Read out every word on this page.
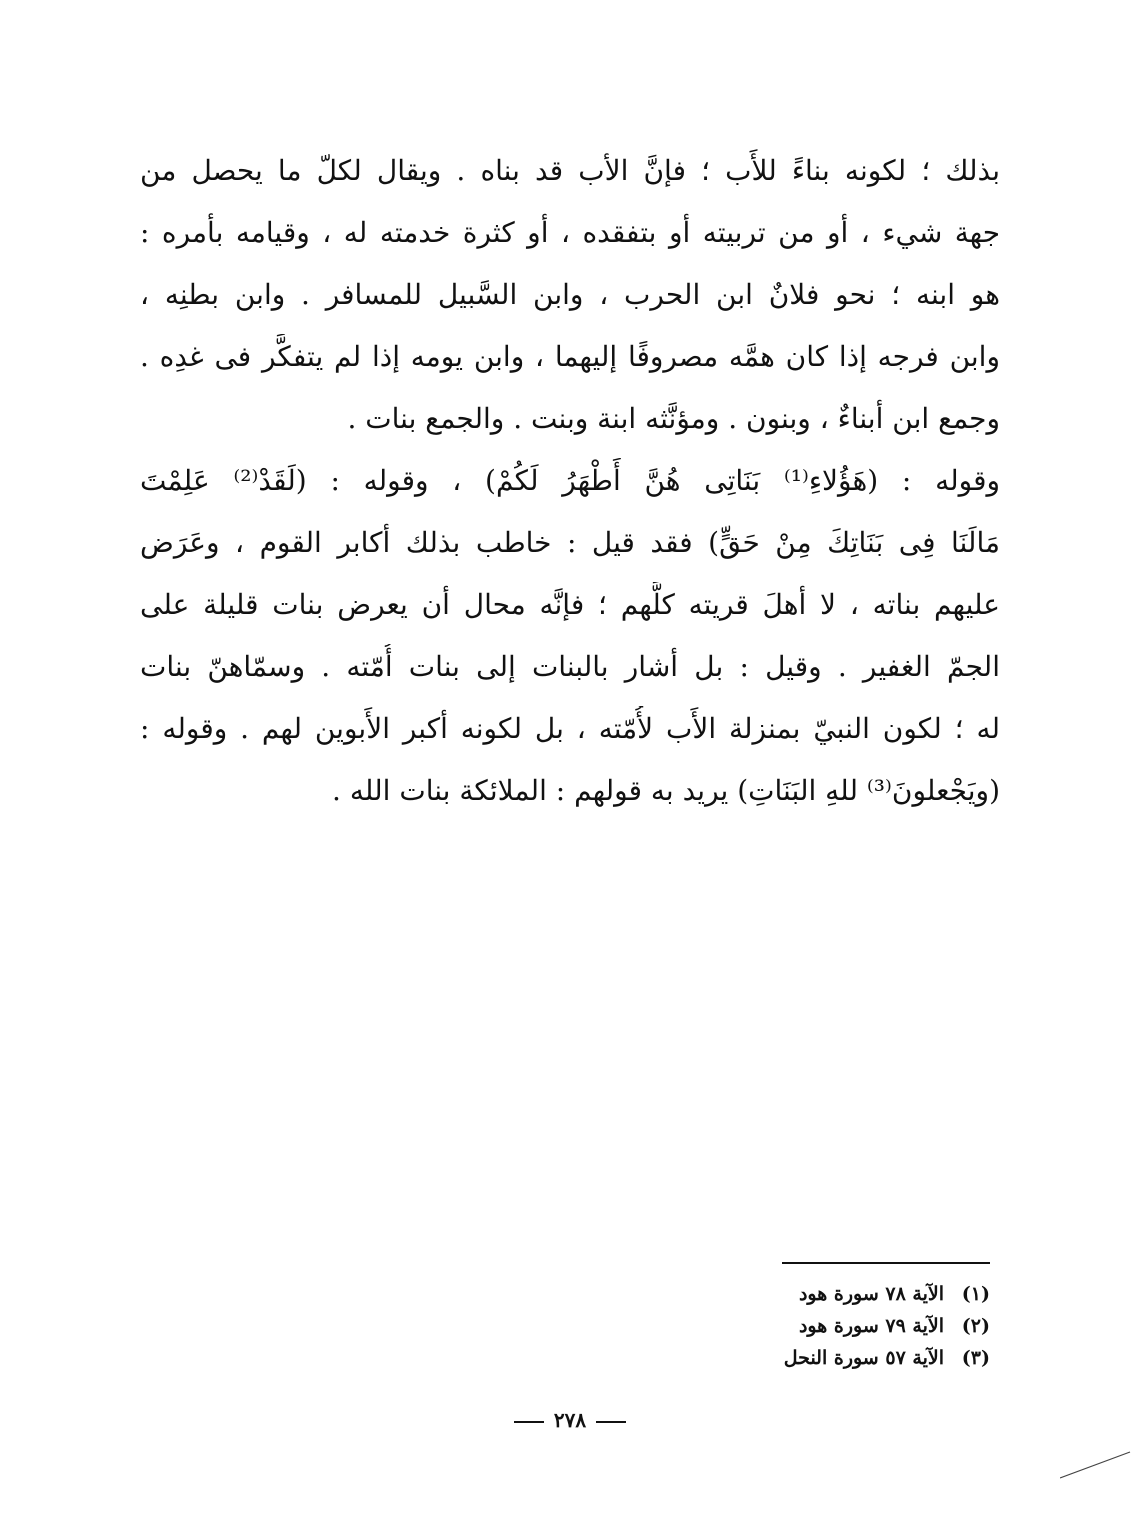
بذلك ؛ لكونه بناءً للأَب ؛ فإنَّ الأب قد بناه . ويقال لكلّ ما يحصل من
جهة شيء ، أو من تربيته أو بتفقده ، أو كثرة خدمته له ، وقيامه بأمره :
هو ابنه ؛ نحو فلانٌ ابن الحرب ، وابن السَّبيل للمسافر . وابن بطنِه ،
وابن فرجه إذا كان همَّه مصروفًا إليهما ، وابن يومه إذا لم يتفكَّر فى غدِه .
وجمع ابن أبناءٌ ، وبنون . ومؤنَّثه ابنة وبنت . والجمع بنات .
وقوله : (هَؤُلاءِ⁽¹⁾ بَنَاتِى هُنَّ أَطْهَرُ لَكُمْ) ، وقوله : (لَقَدْ⁽²⁾ عَلِمْتَ
مَالَنَا فِى بَنَاتِكَ مِنْ حَقٍّ) فقد قيل : خاطب بذلك أكابر القوم ، وعَرَض
عليهم بناته ، لا أهلَ قريته كلَّهم ؛ فإنَّه محال أن يعرض بنات قليلة على
الجمّ الغفير . وقيل : بل أشار بالبنات إلى بنات أُمّته . وسمّاهنّ بنات
له ؛ لكون النبيّ بمنزلة الأَب لأُمّته ، بل لكونه أكبر الأَبوين لهم . وقوله :
(ويَجْعلونَ⁽³⁾ للهِ البَنَاتِ) يريد به قولهم : الملائكة بنات الله .
(١)الآية ٧٨ سورة هود
(٢)الآية ٧٩ سورة هود
(٣)الآية ٥٧ سورة النحل
٢٧٨
